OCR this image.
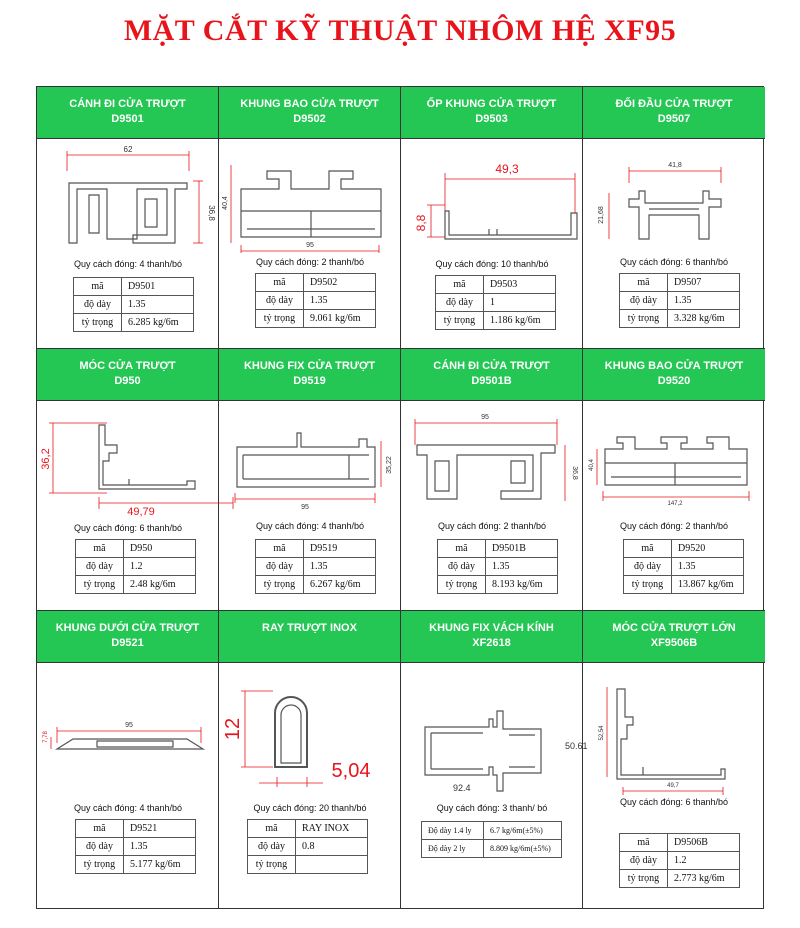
MẶT CẮT KỸ THUẬT NHÔM HỆ XF95
CÁNH ĐI CỬA TRƯỢT
D9501
62
36,8
Quy cách đóng: 4 thanh/bó
mã	D9501
độ dày	1.35
tỷ trọng	6.285 kg/6m
KHUNG BAO CỬA TRƯỢT
D9502
95
40,4
Quy cách đóng: 2 thanh/bó
mã	D9502
độ dày	1.35
tỷ trọng	9.061 kg/6m
ỐP KHUNG CỬA TRƯỢT
D9503
49,3
8,8
Quy cách đóng: 10 thanh/bó
mã	D9503
độ dày	1
tỷ trọng	1.186 kg/6m
ĐỐI ĐẦU CỬA TRƯỢT
D9507
41,8
21,68
Quy cách đóng: 6 thanh/bó
mã	D9507
độ dày	1.35
tỷ trọng	3.328 kg/6m
MÓC CỬA TRƯỢT
D950
36,2
49,79
Quy cách đóng: 6 thanh/bó
mã	D950
độ dày	1.2
tỷ trọng	2.48 kg/6m
KHUNG FIX CỬA TRƯỢT
D9519
95
35,22
Quy cách đóng: 4 thanh/bó
mã	D9519
độ dày	1.35
tỷ trọng	6.267 kg/6m
CÁNH ĐI CỬA TRƯỢT
D9501B
95
36,8
Quy cách đóng: 2 thanh/bó
mã	D9501B
độ dày	1.35
tỷ trọng	8.193 kg/6m
KHUNG BAO CỬA TRƯỢT
D9520
147,2
40,4
Quy cách đóng: 2 thanh/bó
mã	D9520
độ dày	1.35
tỷ trọng	13.867 kg/6m
KHUNG DƯỚI CỬA TRƯỢT
D9521
95
7,78
Quy cách đóng: 4 thanh/bó
mã	D9521
độ dày	1.35
tỷ trọng	5.177 kg/6m
RAY TRƯỢT INOX
12
5,04
Quy cách đóng: 20 thanh/bó
mã	RAY INOX
độ dày	0.8
tỷ trọng	
KHUNG FIX VÁCH KÍNH
XF2618
50.61
92.4
Quy cách đóng: 3 thanh/ bó
Độ dày 1.4 ly	6.7 kg/6m(±5%)
Độ dày 2 ly	8.809 kg/6m(±5%)
MÓC CỬA TRƯỢT LỚN
XF9506B
52,54
49,7
Quy cách đóng: 6 thanh/bó
mã	D9506B
độ dày	1.2
tỷ trọng	2.773 kg/6m
